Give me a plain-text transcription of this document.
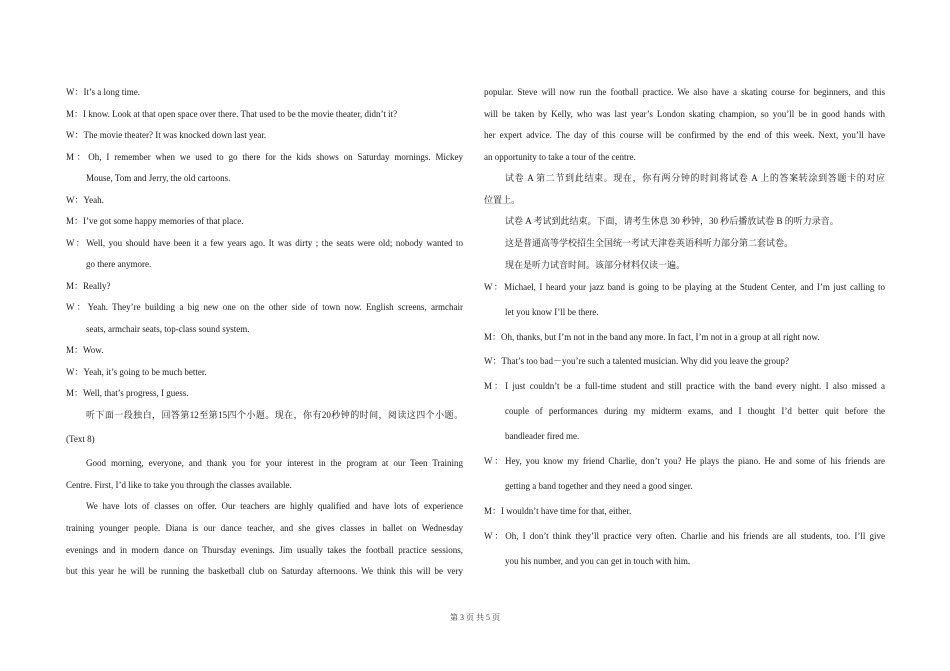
W：It’s a long time.
M：I know. Look at that open space over there. That used to be the movie theater, didn’t it?
W：The movie theater? It was knocked down last year.
M：Oh, I remember when we used to go there for the kids shows on Saturday mornings. Mickey
Mouse, Tom and Jerry, the old cartoons.
W：Yeah.
M：I’ve got some happy memories of that place.
W：Well, you should have been it a few years ago. It was dirty ; the seats were old; nobody wanted to
go there anymore.
M：Really?
W：Yeah. They’re building a big new one on the other side of town now. English screens, armchair
seats, armchair seats, top-class sound system.
M：Wow.
W：Yeah, it’s going to be much better.
M：Well, that’s progress, I guess.
听下面一段独白，回答第12至第15四个小题。现在，你有20秒钟的时间，阅读这四个小题。
(Text 8)
Good morning, everyone, and thank you for your interest in the program at our Teen Training
Centre. First, I’d like to take you through the classes available.
We have lots of classes on offer. Our teachers are highly qualified and have lots of experience
training younger people. Diana is our dance teacher, and she gives classes in ballet on Wednesday
evenings and in modern dance on Thursday evenings. Jim usually takes the football practice sessions,
but this year he will be running the basketball club on Saturday afternoons. We think this will be very
popular. Steve will now run the football practice. We also have a skating course for beginners, and this
will be taken by Kelly, who was last year’s London skating champion, so you’ll be in good hands with
her expert advice. The day of this course will be confirmed by the end of this week. Next, you’ll have
an opportunity to take a tour of the centre.
试卷 A 第二节到此结束。现在，你有两分钟的时间将试卷 A 上的答案转涂到答题卡的对应
位置上。
试卷 A 考试到此结束。下面，请考生休息 30 秒钟，30 秒后播放试卷 B 的听力录音。
这是普通高等学校招生全国统一考试天津卷英语科听力部分第二套试卷。
现在是听力试音时间。该部分材料仅读一遍。
W：Michael, I heard your jazz band is going to be playing at the Student Center, and I’m just calling to
let you know I’ll be there.
M：Oh, thanks, but I’m not in the band any more. In fact, I’m not in a group at all right now.
W：That’s too bad－you’re such a talented musician. Why did you leave the group?
M：I just couldn’t be a full-time student and still practice with the band every night. I also missed a
couple of performances during my midterm exams, and I thought I’d better quit before the
bandleader fired me.
W：Hey, you know my friend Charlie, don’t you? He plays the piano. He and some of his friends are
getting a band together and they need a good singer.
M：I wouldn’t have time for that, either.
W：Oh, I don’t think they’ll practice very often. Charlie and his friends are all students, too. I’ll give
you his number, and you can get in touch with him.
第 3 页 共 5 页
